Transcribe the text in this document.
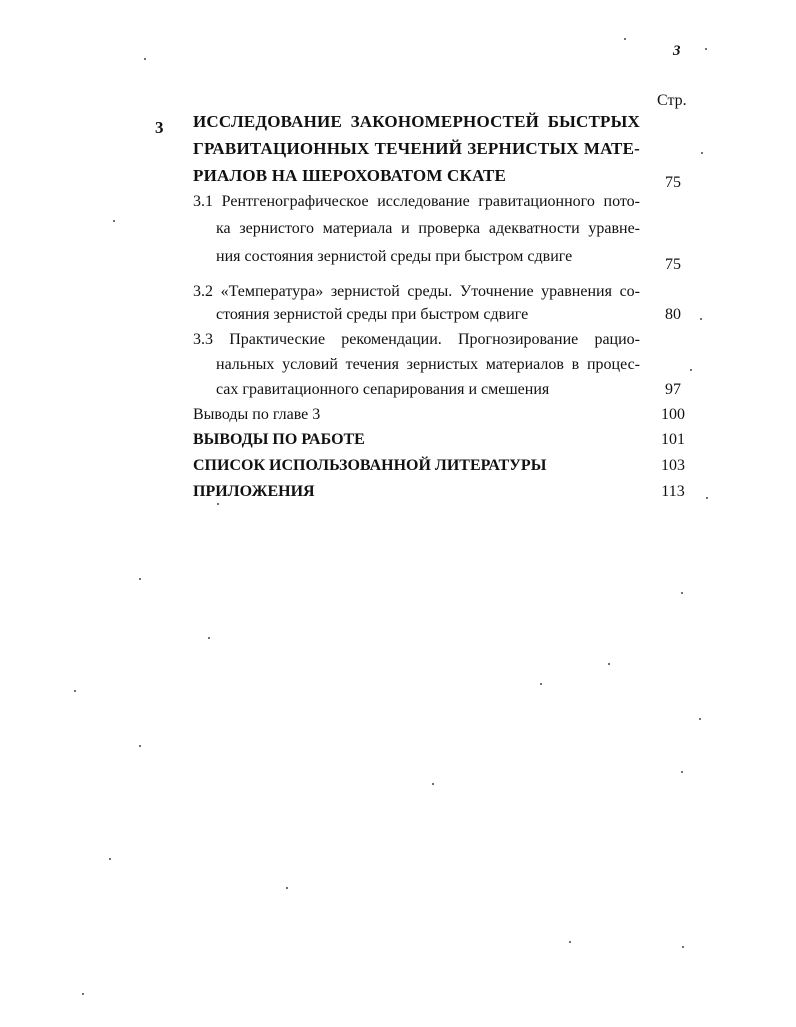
3
Стр.
3 ИССЛЕДОВАНИЕ ЗАКОНОМЕРНОСТЕЙ БЫСТРЫХ
ГРАВИТАЦИОННЫХ ТЕЧЕНИЙ ЗЕРНИСТЫХ МАТЕ-
РИАЛОВ НА ШЕРОХОВАТОМ СКАТЕ	75
3.1 Рентгенографическое исследование гравитационного пото-
ка зернистого материала и проверка адекватности уравне-
ния состояния зернистой среды при быстром сдвиге	75
3.2 «Температура» зернистой среды. Уточнение уравнения со-
стояния зернистой среды при быстром сдвиге	80
3.3 Практические рекомендации. Прогнозирование рацио-
нальных условий течения зернистых материалов в процес-
сах гравитационного сепарирования и смешения	97
Выводы по главе 3	100
ВЫВОДЫ ПО РАБОТЕ	101
СПИСОК ИСПОЛЬЗОВАННОЙ ЛИТЕРАТУРЫ	103
ПРИЛОЖЕНИЯ	113
